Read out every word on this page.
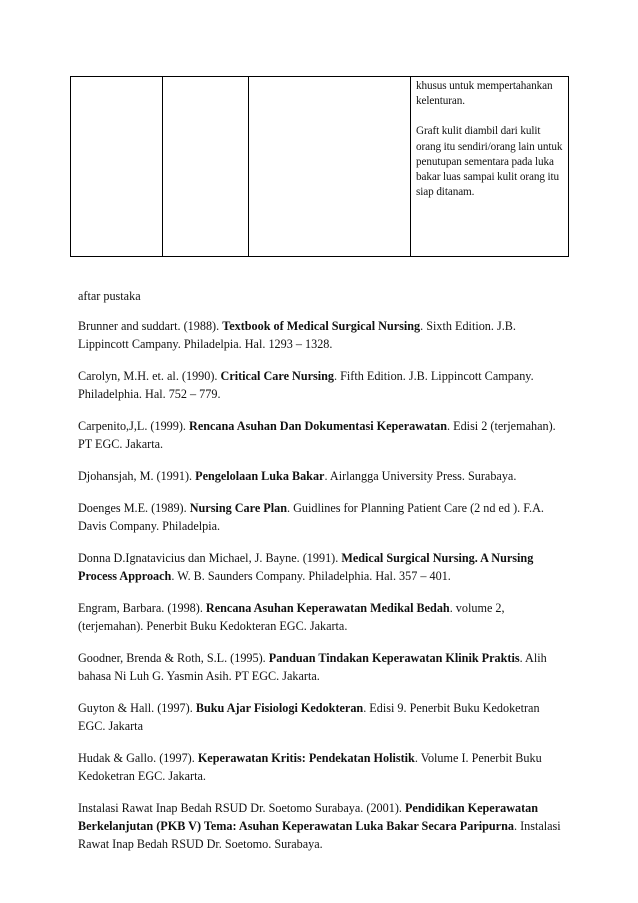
khusus untuk mempertahankan kelenturan.

Graft kulit diambil dari kulit orang itu sendiri/orang lain untuk penutupan sementara pada luka bakar luas sampai kulit orang itu siap ditanam.

aftar pustaka

Brunner and suddart. (1988). Textbook of Medical Surgical Nursing. Sixth Edition. J.B. Lippincott Campany. Philadelpia. Hal. 1293 – 1328.

Carolyn, M.H. et. al. (1990). Critical Care Nursing. Fifth Edition. J.B. Lippincott Campany. Philadelphia. Hal. 752 – 779.

Carpenito,J,L. (1999). Rencana Asuhan Dan Dokumentasi Keperawatan. Edisi 2 (terjemahan). PT EGC. Jakarta.

Djohansjah, M. (1991). Pengelolaan Luka Bakar. Airlangga University Press. Surabaya.

Doenges M.E. (1989). Nursing Care Plan. Guidlines for Planning Patient Care (2 nd ed ). F.A. Davis Company. Philadelpia.

Donna D.Ignatavicius dan Michael, J. Bayne. (1991). Medical Surgical Nursing. A Nursing Process Approach. W. B. Saunders Company. Philadelphia. Hal. 357 – 401.

Engram, Barbara. (1998). Rencana Asuhan Keperawatan Medikal Bedah. volume 2, (terjemahan). Penerbit Buku Kedokteran EGC. Jakarta.

Goodner, Brenda & Roth, S.L. (1995). Panduan Tindakan Keperawatan Klinik Praktis. Alih bahasa Ni Luh G. Yasmin Asih. PT EGC. Jakarta.

Guyton & Hall. (1997). Buku Ajar Fisiologi Kedokteran. Edisi 9. Penerbit Buku Kedoketran EGC. Jakarta

Hudak & Gallo. (1997). Keperawatan Kritis: Pendekatan Holistik. Volume I. Penerbit Buku Kedoketran EGC. Jakarta.

Instalasi Rawat Inap Bedah RSUD Dr. Soetomo Surabaya. (2001). Pendidikan Keperawatan Berkelanjutan (PKB V) Tema: Asuhan Keperawatan Luka Bakar Secara Paripurna. Instalasi Rawat Inap Bedah RSUD Dr. Soetomo. Surabaya.
